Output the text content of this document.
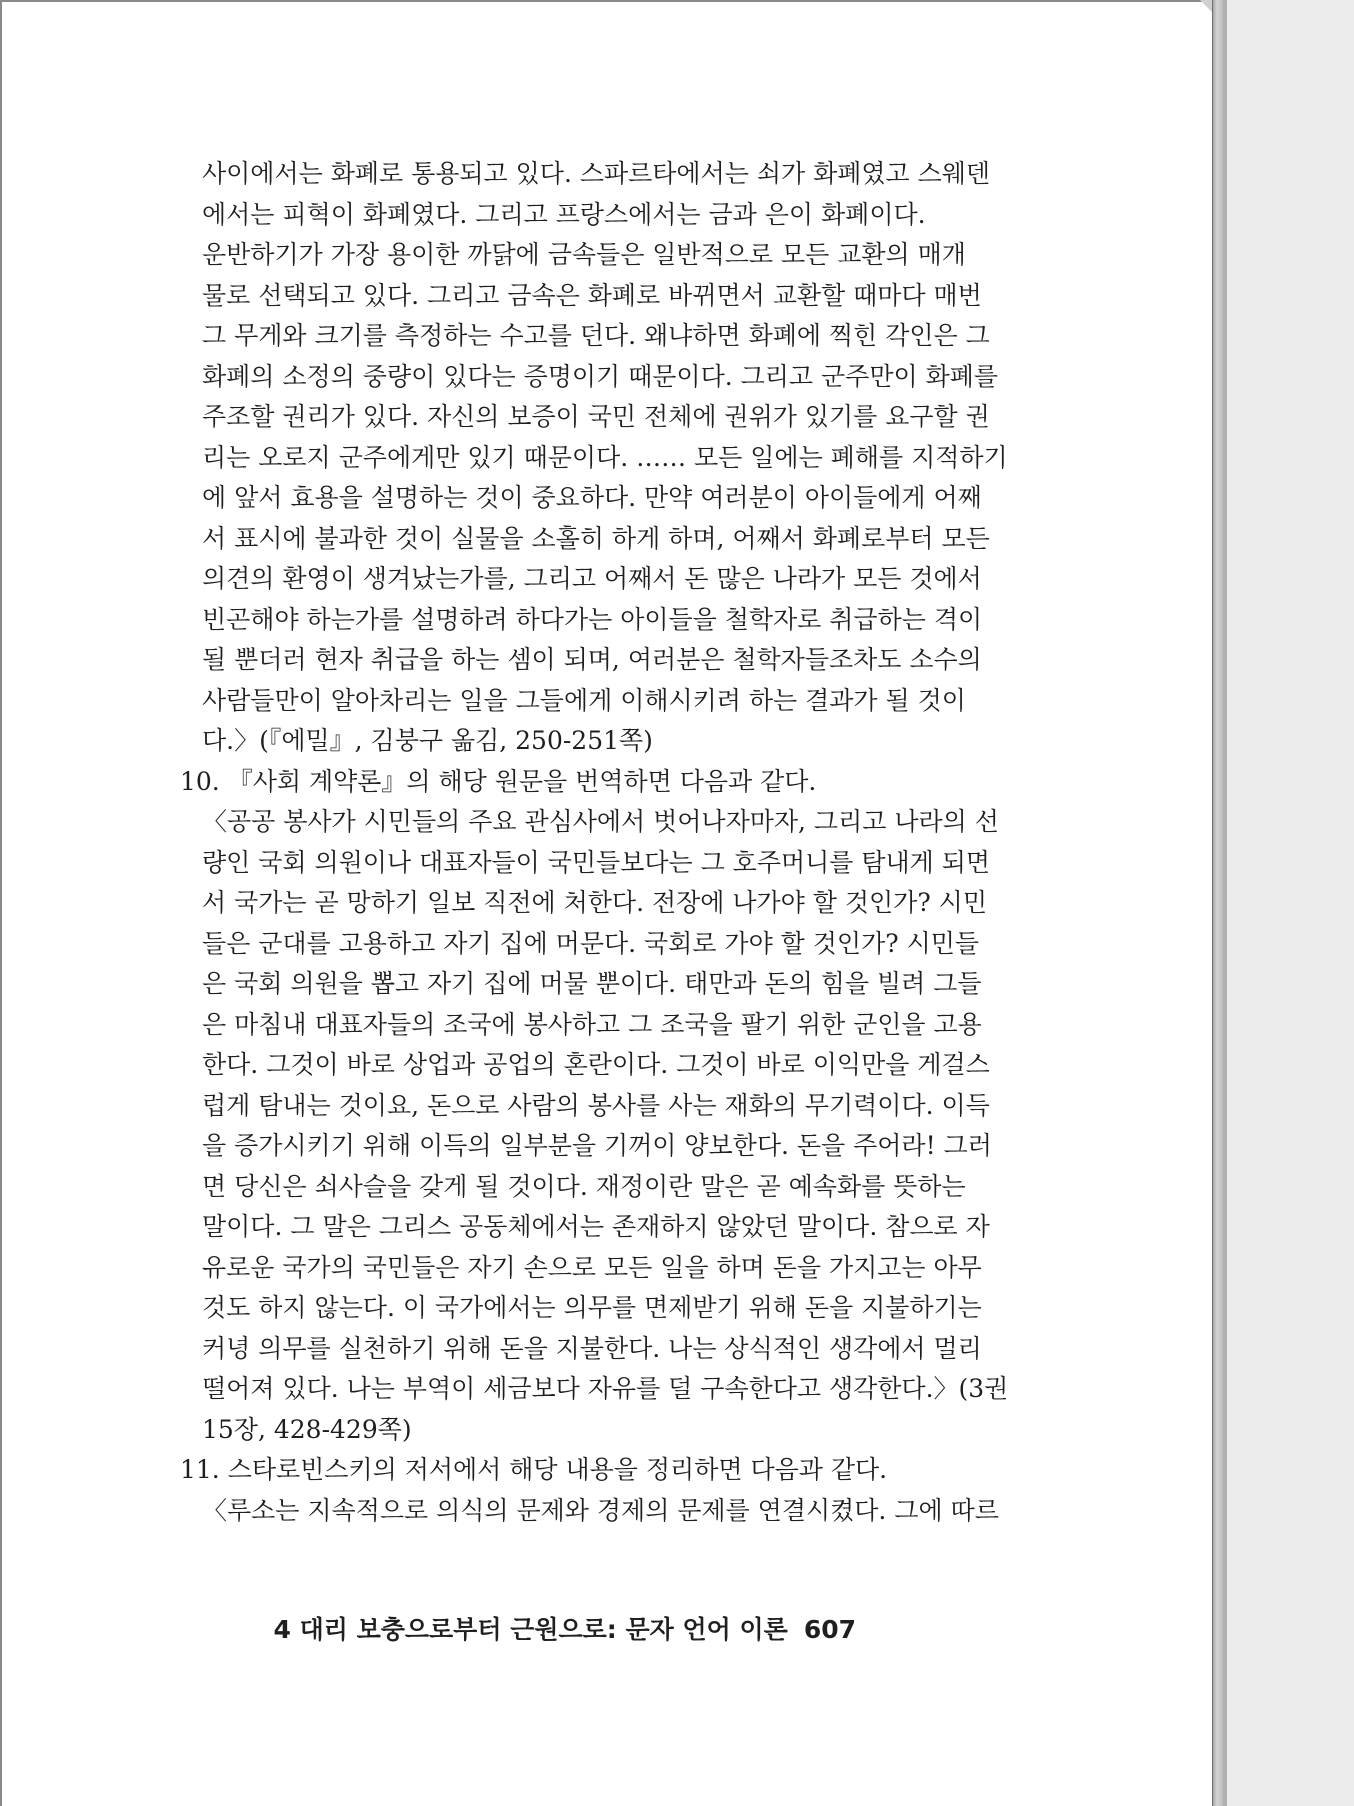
사이에서는 화폐로 통용되고 있다. 스파르타에서는 쇠가 화폐였고 스웨덴
에서는 피혁이 화폐였다. 그리고 프랑스에서는 금과 은이 화폐이다.
운반하기가 가장 용이한 까닭에 금속들은 일반적으로 모든 교환의 매개
물로 선택되고 있다. 그리고 금속은 화폐로 바뀌면서 교환할 때마다 매번
그 무게와 크기를 측정하는 수고를 던다. 왜냐하면 화폐에 찍힌 각인은 그
화폐의 소정의 중량이 있다는 증명이기 때문이다. 그리고 군주만이 화폐를
주조할 권리가 있다. 자신의 보증이 국민 전체에 권위가 있기를 요구할 권
리는 오로지 군주에게만 있기 때문이다. …… 모든 일에는 폐해를 지적하기
에 앞서 효용을 설명하는 것이 중요하다. 만약 여러분이 아이들에게 어째
서 표시에 불과한 것이 실물을 소홀히 하게 하며, 어째서 화폐로부터 모든
의견의 환영이 생겨났는가를, 그리고 어째서 돈 많은 나라가 모든 것에서
빈곤해야 하는가를 설명하려 하다가는 아이들을 철학자로 취급하는 격이
될 뿐더러 현자 취급을 하는 셈이 되며, 여러분은 철학자들조차도 소수의
사람들만이 알아차리는 일을 그들에게 이해시키려 하는 결과가 될 것이
다.〉(『에밀』, 김붕구 옮김, 250-251쪽)
10. 『사회 계약론』의 해당 원문을 번역하면 다음과 같다.
〈공공 봉사가 시민들의 주요 관심사에서 벗어나자마자, 그리고 나라의 선
량인 국회 의원이나 대표자들이 국민들보다는 그 호주머니를 탐내게 되면
서 국가는 곧 망하기 일보 직전에 처한다. 전장에 나가야 할 것인가? 시민
들은 군대를 고용하고 자기 집에 머문다. 국회로 가야 할 것인가? 시민들
은 국회 의원을 뽑고 자기 집에 머물 뿐이다. 태만과 돈의 힘을 빌려 그들
은 마침내 대표자들의 조국에 봉사하고 그 조국을 팔기 위한 군인을 고용
한다. 그것이 바로 상업과 공업의 혼란이다. 그것이 바로 이익만을 게걸스
럽게 탐내는 것이요, 돈으로 사람의 봉사를 사는 재화의 무기력이다. 이득
을 증가시키기 위해 이득의 일부분을 기꺼이 양보한다. 돈을 주어라! 그러
면 당신은 쇠사슬을 갖게 될 것이다. 재정이란 말은 곧 예속화를 뜻하는
말이다. 그 말은 그리스 공동체에서는 존재하지 않았던 말이다. 참으로 자
유로운 국가의 국민들은 자기 손으로 모든 일을 하며 돈을 가지고는 아무
것도 하지 않는다. 이 국가에서는 의무를 면제받기 위해 돈을 지불하기는
커녕 의무를 실천하기 위해 돈을 지불한다. 나는 상식적인 생각에서 멀리
떨어져 있다. 나는 부역이 세금보다 자유를 덜 구속한다고 생각한다.〉(3권
15장, 428-429쪽)
11. 스타로빈스키의 저서에서 해당 내용을 정리하면 다음과 같다.
〈루소는 지속적으로 의식의 문제와 경제의 문제를 연결시켰다. 그에 따르
4 대리 보충으로부터 근원으로: 문자 언어 이론 607
